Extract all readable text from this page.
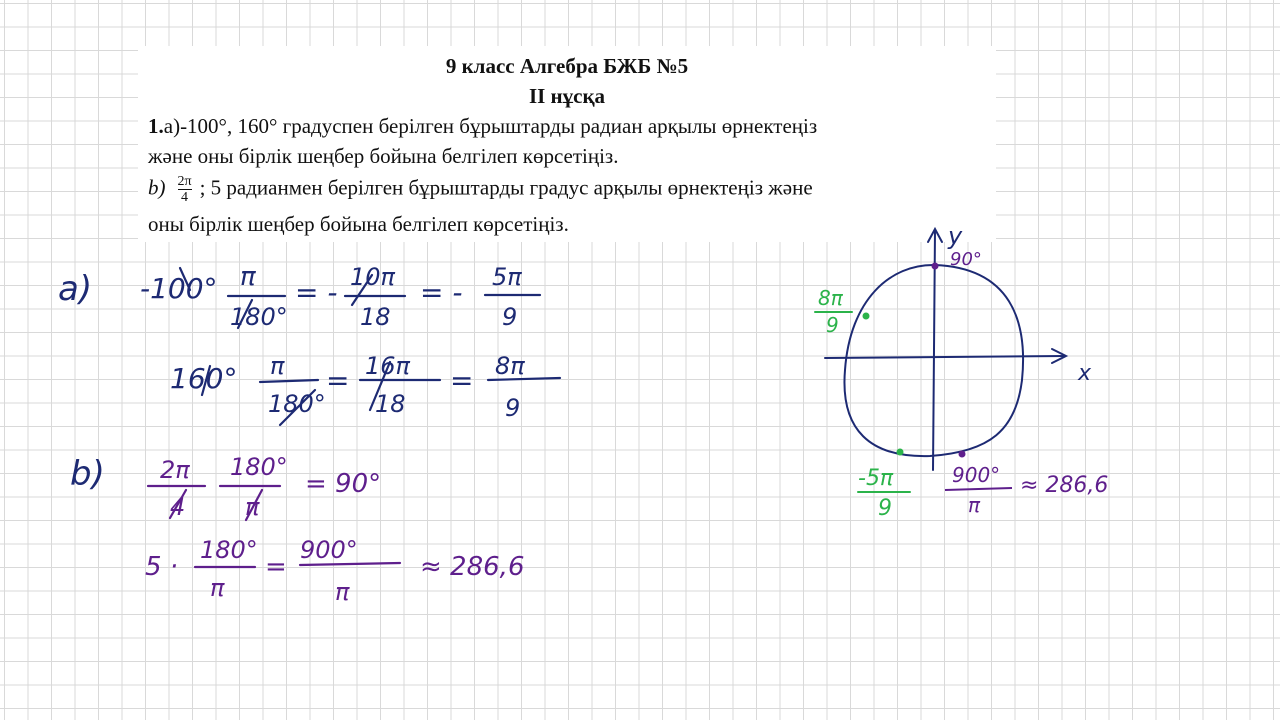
9 класс Алгебра БЖБ №5
II нұсқа
1.а)-100°, 160° градуспен берілген бұрыштарды радиан арқылы өрнектеңіз
және оны бірлік шеңбер бойына белгілеп көрсетіңіз.
$b) \frac{2\pi}{4}$ ; 5 радианмен берілген бұрыштарды градус арқылы өрнектеңіз және
оны бірлік шеңбер бойына белгілеп көрсетіңіз.
a)
b)
-100° π
180°
= - 10π
18
= - 5π
9
160° π
180°
= 16π
18
= 8π
9
2π
4
180°
π
= 90°
5 ·
180°
π
=
900°
π
≈ 286,6
y
x
90°
8π
9
-5π
9
900°
π
≈ 286,6
